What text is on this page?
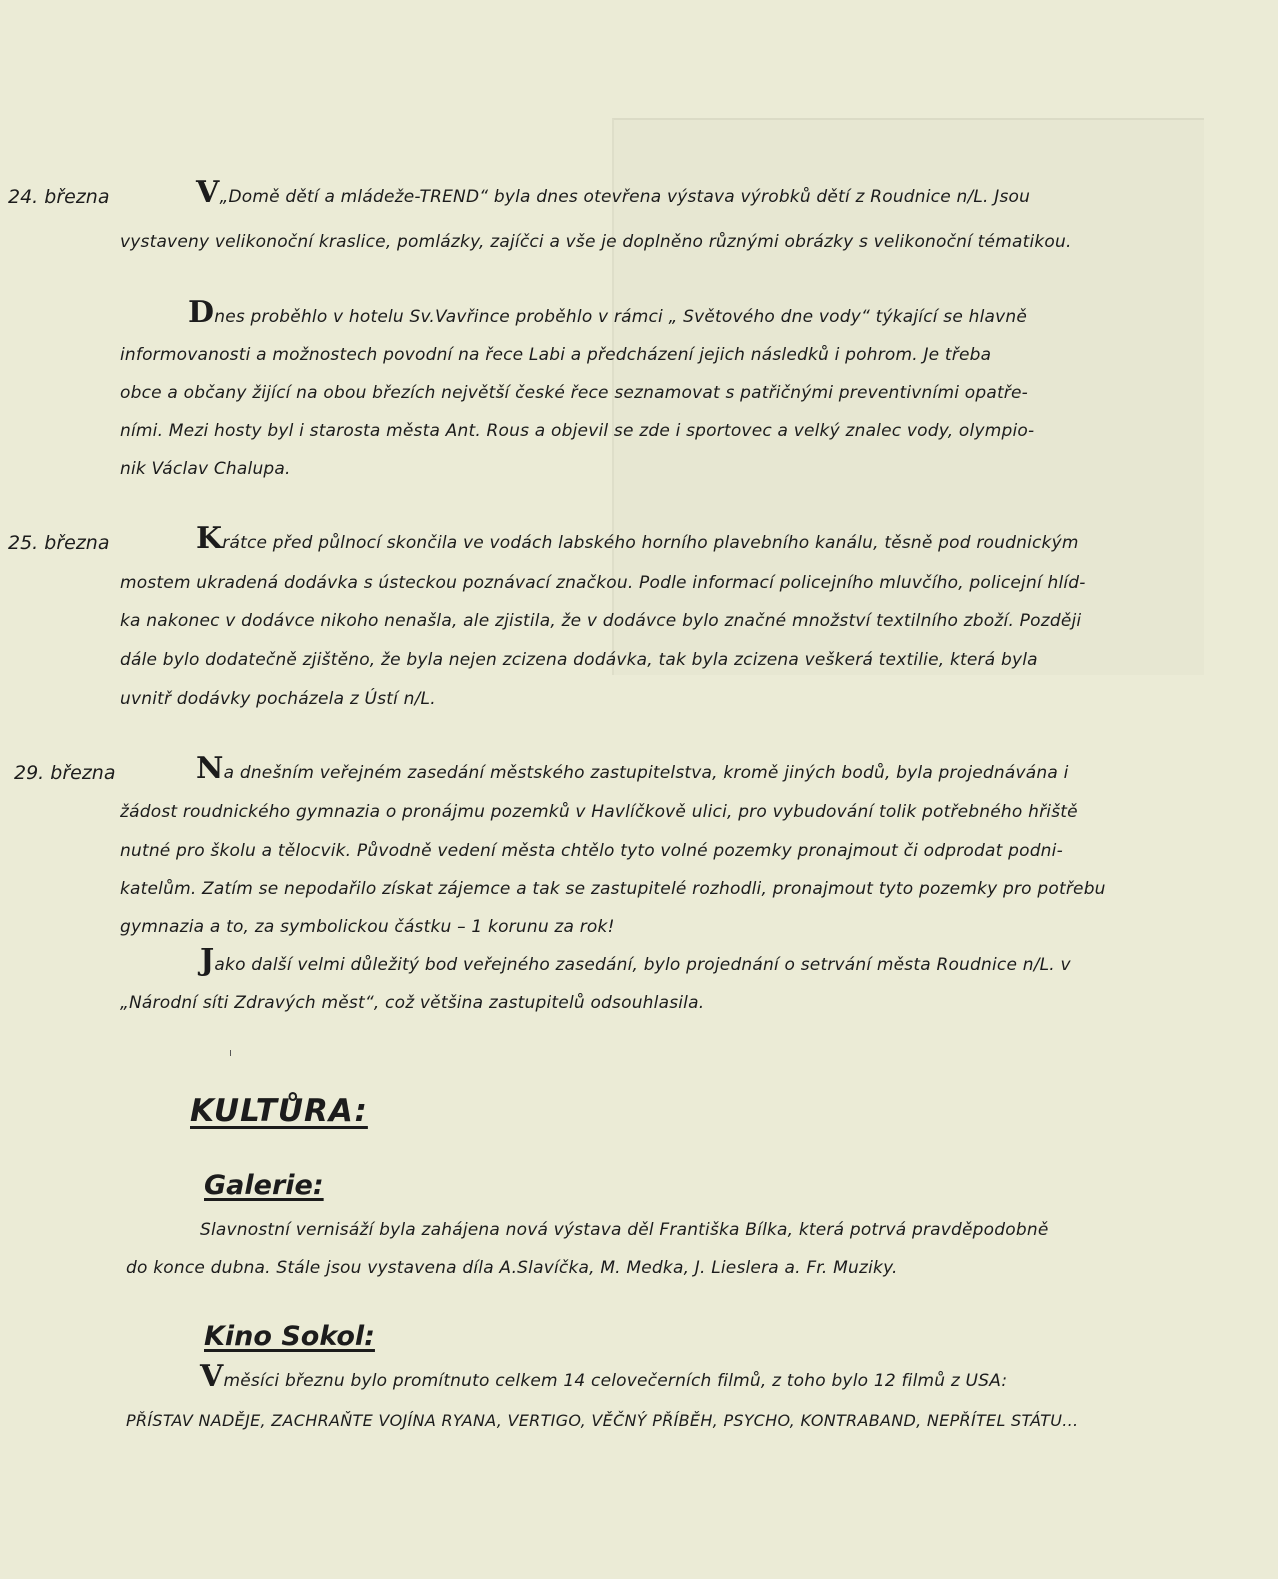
24. března	V„Domě dětí a mládeže-TREND“ byla dnes otevřena výstava výrobků dětí z Roudnice n/L. Jsou
vystaveny velikonoční kraslice, pomlázky, zajíčci a vše je doplněno různými obrázky s velikonoční tématikou.
Dnes proběhlo v hotelu Sv.Vavřince proběhlo v rámci „ Světového dne vody“ týkající se hlavně
informovanosti a možnostech povodní na řece Labi a předcházení jejich následků i pohrom. Je třeba
obce a občany žijící na obou březích největší české řece seznamovat s patřičnými preventivními opatře-
ními. Mezi hosty byl i starosta města Ant. Rous a objevil se zde i sportovec a velký znalec vody, olympio-
nik Václav Chalupa.
25. března	Krátce před půlnocí skončila ve vodách labského horního plavebního kanálu, těsně pod roudnickým
mostem ukradená dodávka s ústeckou poznávací značkou. Podle informací policejního mluvčího, policejní hlíd-
ka nakonec v dodávce nikoho nenašla, ale zjistila, že v dodávce bylo značné množství textilního zboží. Později
dále bylo dodatečně zjištěno, že byla nejen zcizena dodávka, tak byla zcizena veškerá textilie, která byla
uvnitř dodávky pocházela z Ústí n/L.
29. března	Na dnešním veřejném zasedání městského zastupitelstva, kromě jiných bodů, byla projednávána i
žádost roudnického gymnazia o pronájmu pozemků v Havlíčkově ulici, pro vybudování tolik potřebného hřiště
nutné pro školu a tělocvik. Původně vedení města chtělo tyto volné pozemky pronajmout či odprodat podni-
katelům. Zatím se nepodařilo získat zájemce a tak se zastupitelé rozhodli, pronajmout tyto pozemky pro potřebu
gymnazia a to, za symbolickou částku – 1 korunu za rok!
Jako další velmi důležitý bod veřejného zasedání, bylo projednání o setrvání města Roudnice n/L. v
„Národní síti Zdravých měst“, což většina zastupitelů odsouhlasila.
KULTŮRA:
Galerie:
Slavnostní vernisáží byla zahájena nová výstava děl Františka Bílka, která potrvá pravděpodobně
do konce dubna. Stále jsou vystavena díla A.Slavíčka, M. Medka, J. Lieslera a. Fr. Muziky.
Kino Sokol:
Vměsíci březnu bylo promítnuto celkem 14 celovečerních filmů, z toho bylo 12 filmů z USA:
PŘÍSTAV NADĚJE, ZACHRAŇTE VOJÍNA RYANA, VERTIGO, VĚČNÝ PŘÍBĚH, PSYCHO, KONTRABAND, NEPŘÍTEL STÁTU...
